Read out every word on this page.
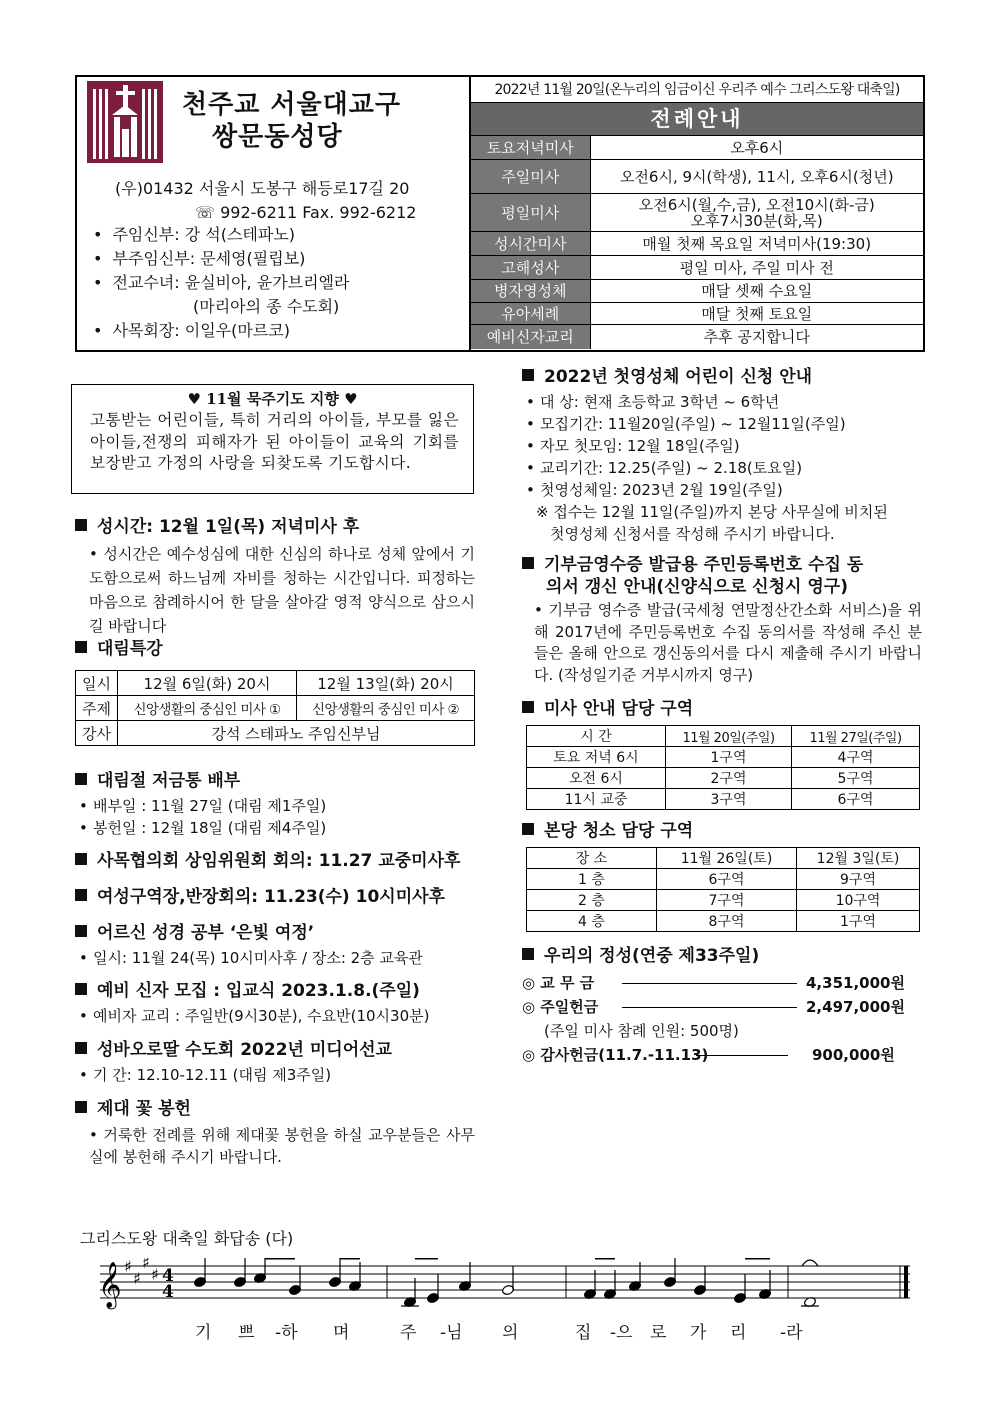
천주교 서울대교구
쌍문동성당
(우)01432 서울시 도봉구 해등로17길 20
☏ 992-6211 Fax. 992-6212
• 주임신부: 강 석(스테파노)
• 부주임신부: 문세영(필립보)
• 전교수녀: 윤실비아, 윤가브리엘라
(마리아의 종 수도회)
• 사목회장: 이일우(마르코)
2022년 11월 20일(온누리의 임금이신 우리주 예수 그리스도왕 대축일)
전례안내
토요저녁미사	오후6시
주일미사	오전6시, 9시(학생), 11시, 오후6시(청년)
평일미사	오전6시(월,수,금), 오전10시(화-금)
오후7시30분(화,목)

성시간미사	매월 첫째 목요일 저녁미사(19:30)
고해성사	평일 미사, 주일 미사 전
병자영성체	매달 셋째 수요일
유아세례	매달 첫째 토요일
예비신자교리	추후 공지합니다
♥ 11월 묵주기도 지향 ♥
고통받는 어린이들, 특히 거리의 아이들, 부모를 잃은 아이들,전쟁의 피해자가 된 아이들이 교육의 기회를 보장받고 가정의 사랑을 되찾도록 기도합시다.
성시간: 12월 1일(목) 저녁미사 후
• 성시간은 예수성심에 대한 신심의 하나로 성체 앞에서 기도함으로써 하느님께 자비를 청하는 시간입니다. 피정하는 마음으로 참례하시어 한 달을 살아갈 영적 양식으로 삼으시길 바랍니다
대림특강
일시	12월 6일(화) 20시	12월 13일(화) 20시
주제	신앙생활의 중심인 미사 ①	신앙생활의 중심인 미사 ②
강사	강석 스테파노 주임신부님	
대림절 저금통 배부
• 배부일 : 11월 27일 (대림 제1주일)
• 봉헌일 : 12월 18일 (대림 제4주일)
사목협의회 상임위원회 회의: 11.27 교중미사후
여성구역장,반장회의: 11.23(수) 10시미사후
어르신 성경 공부 ‘은빛 여정’
• 일시: 11월 24(목) 10시미사후 / 장소: 2층 교육관
예비 신자 모집 : 입교식 2023.1.8.(주일)
• 예비자 교리 : 주일반(9시30분), 수요반(10시30분)
성바오로딸 수도회 2022년 미디어선교
• 기 간: 12.10-12.11 (대림 제3주일)
제대 꽃 봉헌
• 거룩한 전례를 위해 제대꽃 봉헌을 하실 교우분들은 사무실에 봉헌해 주시기 바랍니다.
2022년 첫영성체 어린이 신청 안내
• 대 상: 현재 초등학교 3학년 ~ 6학년
• 모집기간: 11월20일(주일) ~ 12월11일(주일)
• 자모 첫모임: 12월 18일(주일)
• 교리기간: 12.25(주일) ~ 2.18(토요일)
• 첫영성체일: 2023년 2월 19일(주일)
※ 접수는 12월 11일(주일)까지 본당 사무실에 비치된
첫영성체 신청서를 작성해 주시기 바랍니다.
기부금영수증 발급용 주민등록번호 수집 동
의서 갱신 안내(신양식으로 신청시 영구)
• 기부금 영수증 발급(국세청 연말정산간소화 서비스)을 위해 2017년에 주민등록번호 수집 동의서를 작성해 주신 분들은 올해 안으로 갱신동의서를 다시 제출해 주시기 바랍니다. (작성일기준 거부시까지 영구)
미사 안내 담당 구역
시 간	11월 20일(주일)	11월 27일(주일)
토요 저녁 6시	1구역	4구역
오전 6시	2구역	5구역
11시 교중	3구역	6구역
본당 청소 담당 구역
장 소	11월 26일(토)	12월 3일(토)
1 층	6구역	9구역
2 층	7구역	10구역
4 층	8구역	1구역
우리의 정성(연중 제33주일)
◎ 교 무 금	4,351,000원
◎ 주일헌금	2,497,000원
(주일 미사 참례 인원: 500명)
◎ 감사헌금(11.7.-11.13)	900,000원
그리스도왕 대축일 화답송 (다)
𝄞 ♯
♯
♯
♯ 4
4
기 쁘 -하 며	주 -님 의	집 -으 로 가 리 -라
